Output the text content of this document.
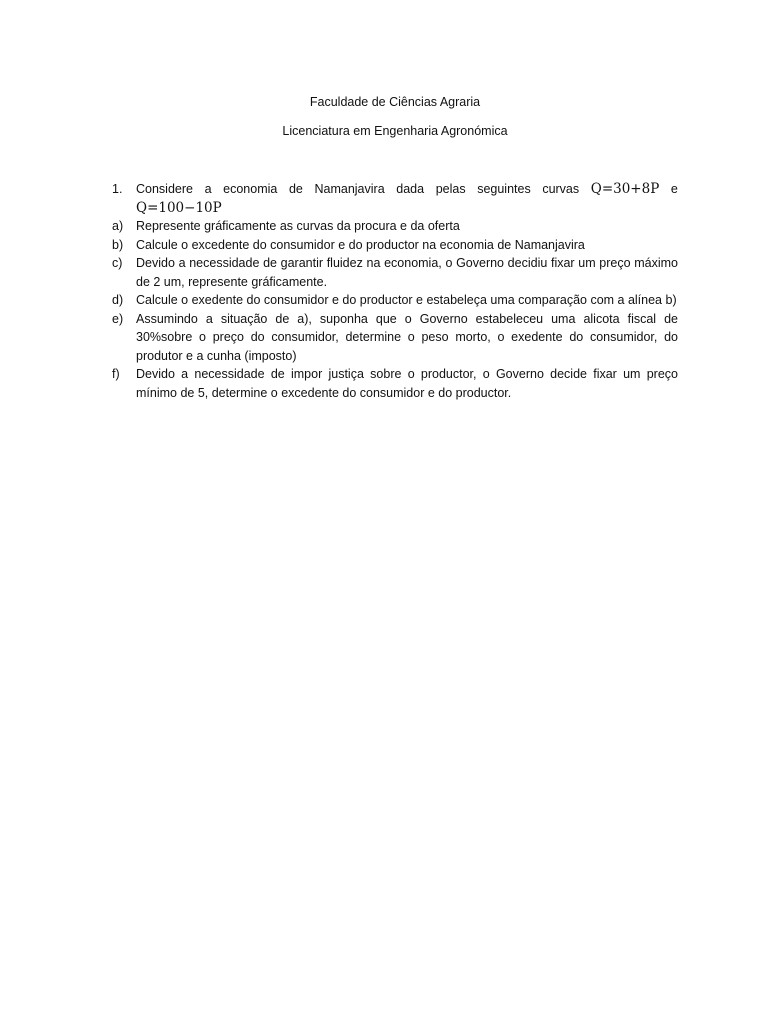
Faculdade de Ciências Agraria
Licenciatura em Engenharia Agronómica
1. Considere a economia de Namanjavira dada pelas seguintes curvas Q=30+8P e
Q=100−10P
a) Represente gráficamente as curvas da procura e da oferta
b) Calcule o excedente do consumidor e do productor na economia de Namanjavira
c) Devido a necessidade de garantir fluidez na economia, o Governo decidiu fixar um preço máximo de 2 um, represente gráficamente.
d) Calcule o exedente do consumidor e do productor e estabeleça uma comparação com a alínea b)
e) Assumindo a situação de a), suponha que o Governo estabeleceu uma alicota fiscal de 30%sobre o preço do consumidor, determine o peso morto, o exedente do consumidor, do produtor e a cunha (imposto)
f) Devido a necessidade de impor justiça sobre o productor, o Governo decide fixar um preço mínimo de 5, determine o excedente do consumidor e do productor.
